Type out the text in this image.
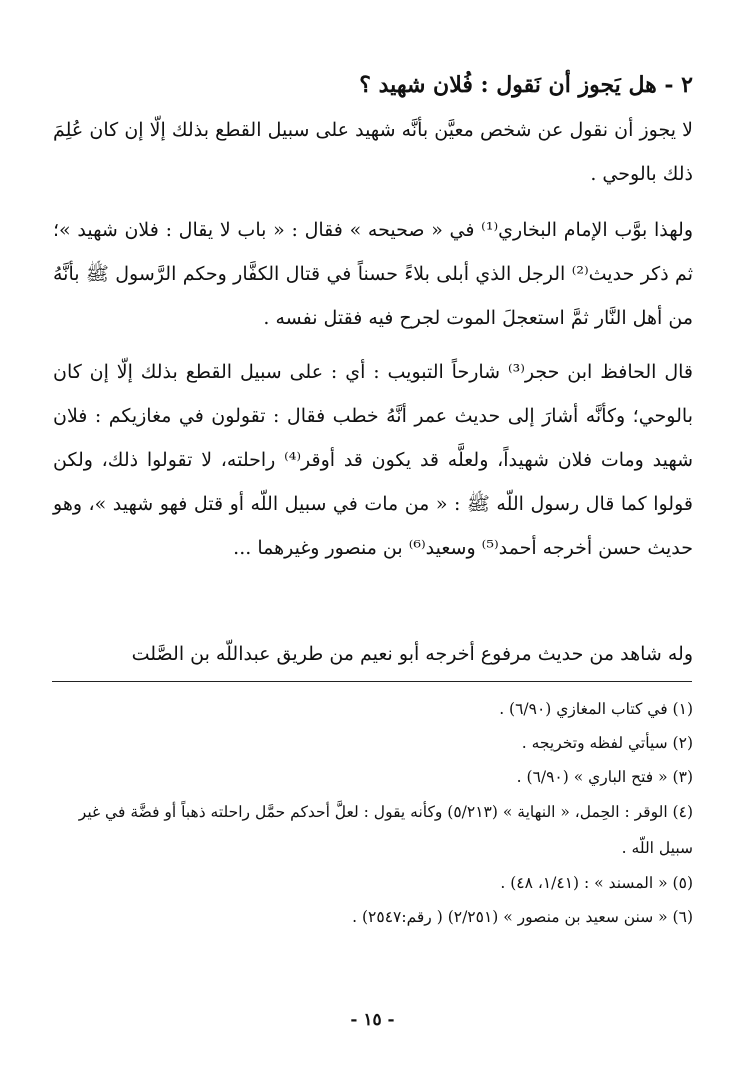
٢ - هل يَجوز أن نَقول : فُلان شهيد ؟
لا يجوز أن نقول عن شخص معيَّن بأنَّه شهيد على سبيل القطع بذلك إلّا إن كان عُلِمَ ذلك بالوحي .
ولهذا بوَّب الإمام البخاري⁽¹⁾ في « صحيحه » فقال : « باب لا يقال : فلان شهيد »؛ ثم ذكر حديث⁽²⁾ الرجل الذي أبلى بلاءً حسناً في قتال الكفَّار وحكم الرَّسول ﷺ بأنَّهُ من أهل النَّار ثمَّ استعجلَ الموت لجرح فيه فقتل نفسه .
قال الحافظ ابن حجر⁽³⁾ شارحاً التبويب : أي : على سبيل القطع بذلك إلّا إن كان بالوحي؛ وكأنَّه أشارَ إلى حديث عمر أنَّهُ خطب فقال : تقولون في مغازيكم : فلان شهيد ومات فلان شهيداً، ولعلَّه قد يكون قد أوقر⁽⁴⁾ راحلته، لا تقولوا ذلك، ولكن قولوا كما قال رسول اللّه ﷺ : « من مات في سبيل اللّه أو قتل فهو شهيد »، وهو حديث حسن أخرجه أحمد⁽⁵⁾ وسعيد⁽⁶⁾ بن منصور وغيرهما ...
وله شاهد من حديث مرفوع أخرجه أبو نعيم من طريق عبداللّه بن الصَّلت
(١) في كتاب المغازي (٦/٩٠) .
(٢) سيأتي لفظه وتخريجه .
(٣) « فتح الباري » (٦/٩٠) .
(٤) الوقر : الحِمل، « النهاية » (٥/٢١٣) وكأنه يقول : لعلَّ أحدكم حمَّل راحلته ذهباً أو فضَّة في غير سبيل اللّه .
(٥) « المسند » : (١/٤١، ٤٨) .
(٦) « سنن سعيد بن منصور » (٢/٢٥١) ( رقم:٢٥٤٧) .
- ١٥ -
